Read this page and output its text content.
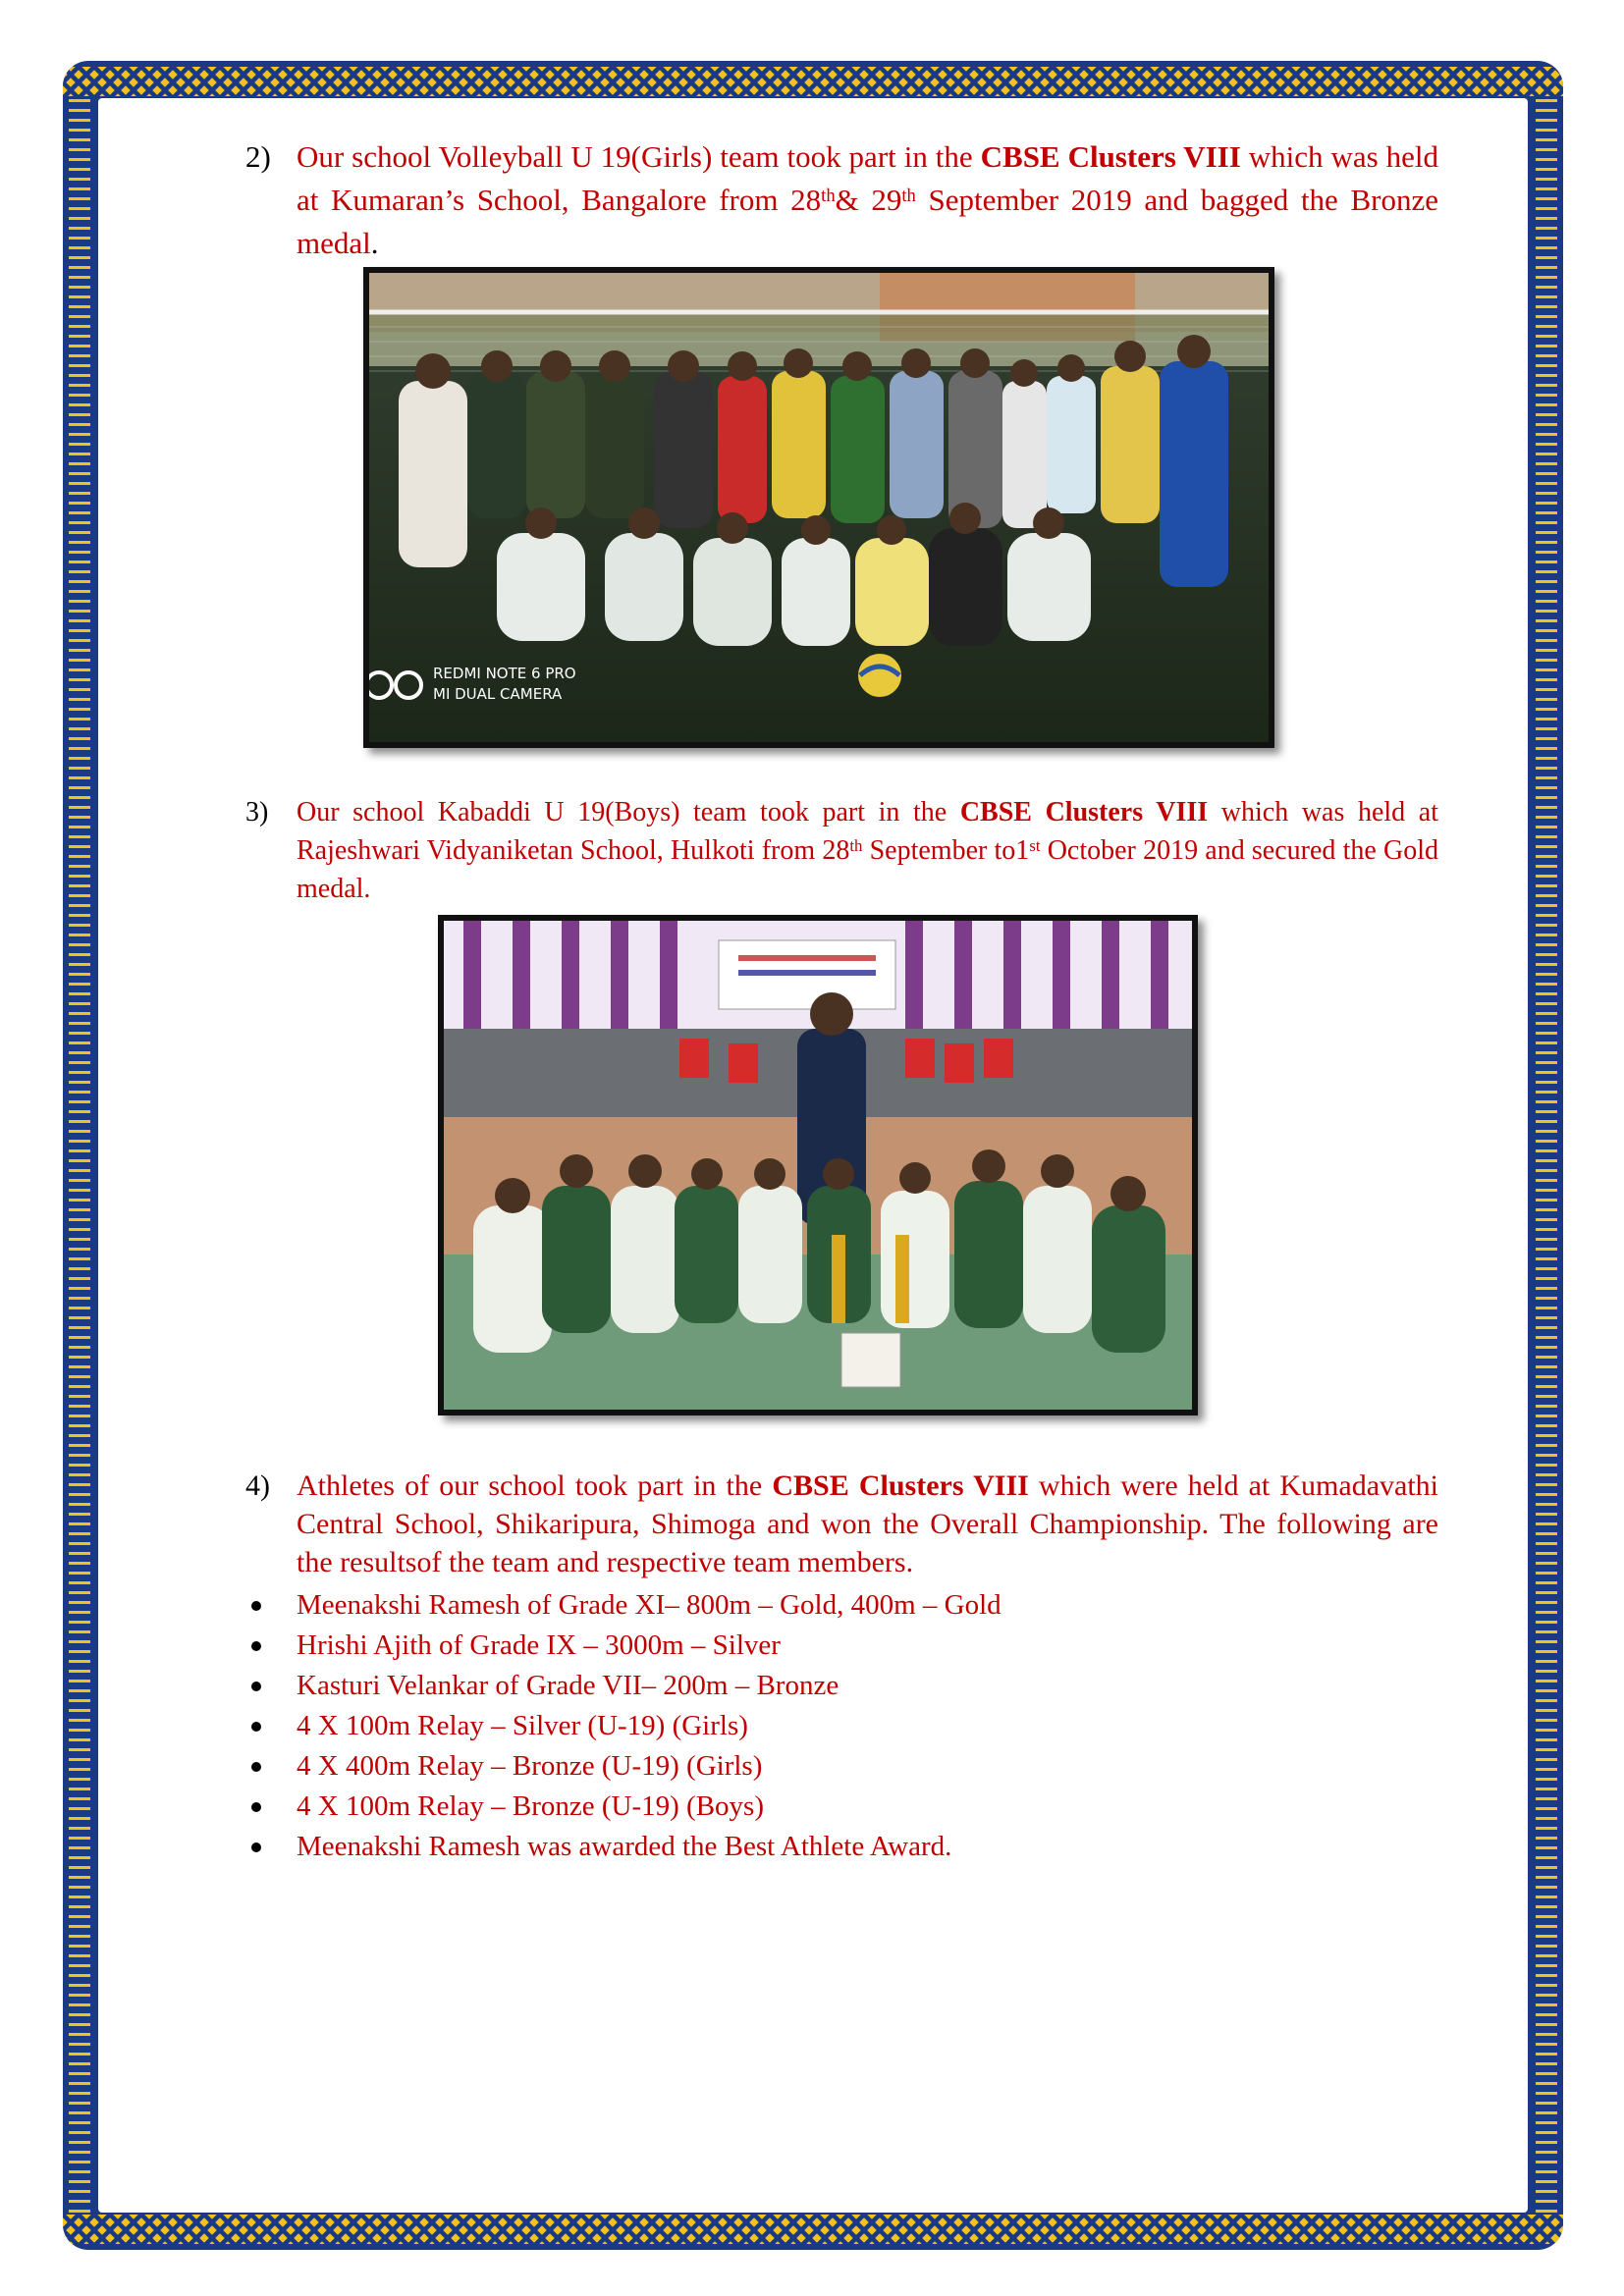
2) Our school Volleyball U 19(Girls) team took part in the CBSE Clusters VIII which was held at Kumaran’s School, Bangalore from 28th& 29th September 2019 and bagged the Bronze medal.

REDMI NOTE 6 PRO
MI DUAL CAMERA
3) Our school Kabaddi U 19(Boys) team took part in the CBSE Clusters VIII which was held at Rajeshwari Vidyaniketan School, Hulkoti from 28th September to1st October 2019 and secured the Gold medal.

4) Athletes of our school took part in the CBSE Clusters VIII which were held at Kumadavathi Central School, Shikaripura, Shimoga and won the Overall Championship. The following are the resultsof the team and respective team members.

Meenakshi Ramesh of Grade XI– 800m – Gold, 400m – Gold
Hrishi Ajith of Grade IX – 3000m – Silver
Kasturi Velankar of Grade VII– 200m – Bronze
4 X 100m Relay – Silver (U-19) (Girls)
4 X 400m Relay – Bronze (U-19) (Girls)
4 X 100m Relay – Bronze (U-19) (Boys)
Meenakshi Ramesh was awarded the Best Athlete Award.
